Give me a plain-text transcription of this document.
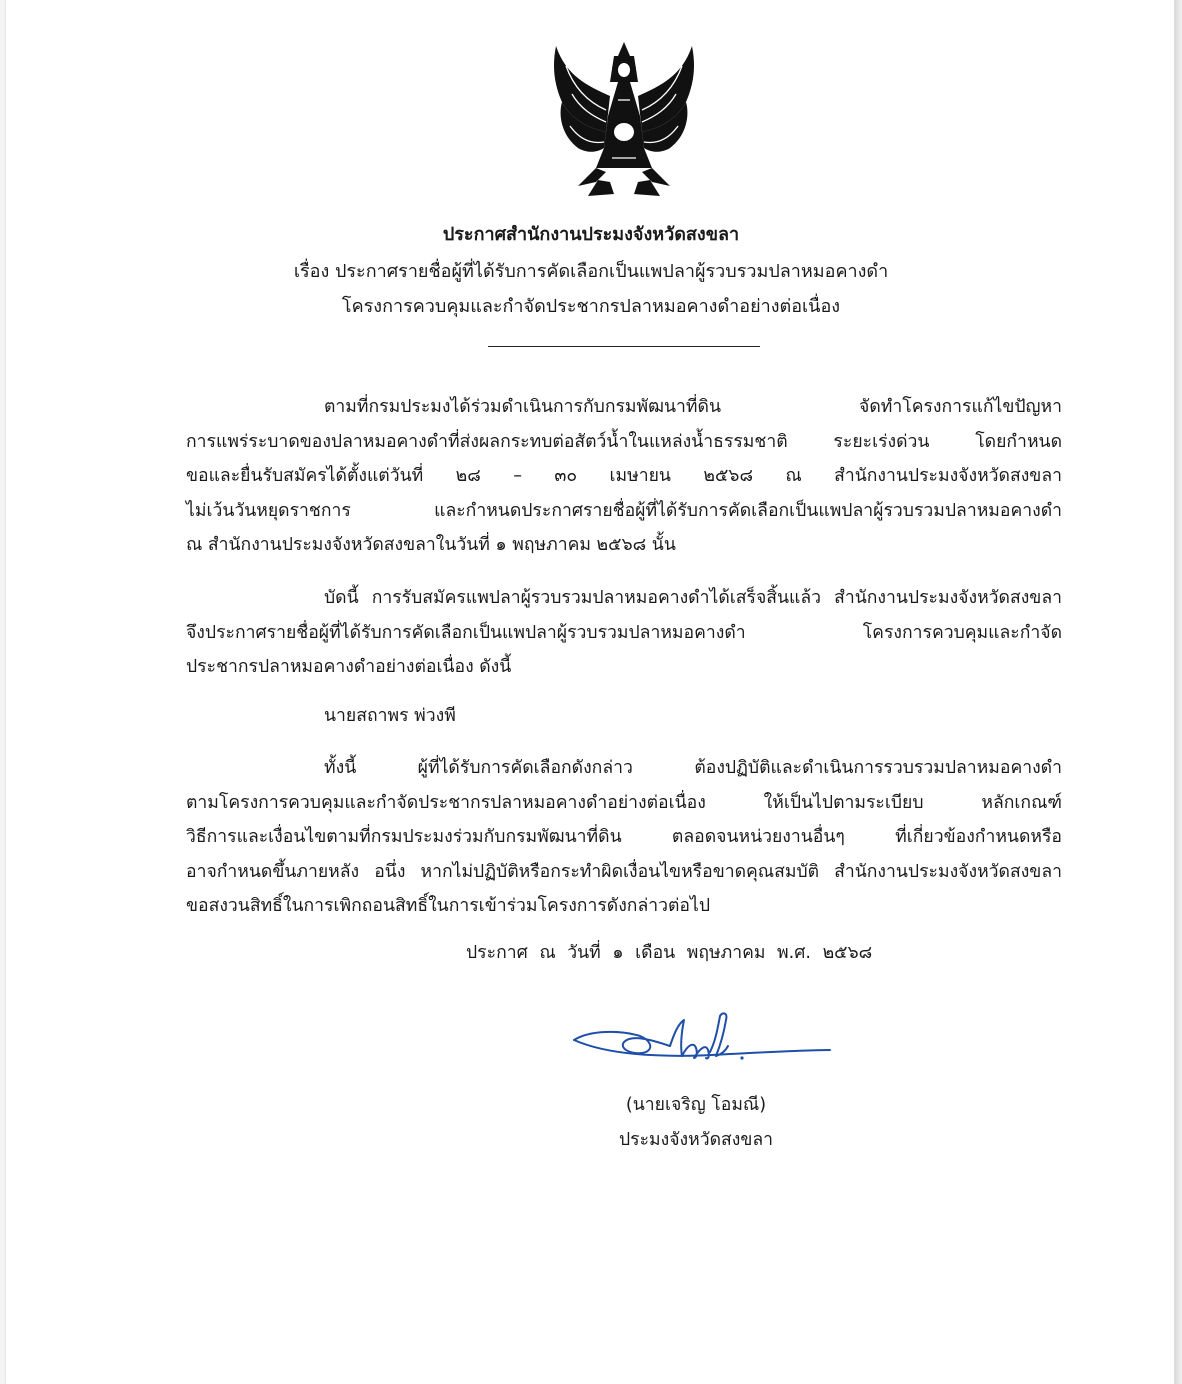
ประกาศสำนักงานประมงจังหวัดสงขลา
เรื่อง ประกาศรายชื่อผู้ที่ได้รับการคัดเลือกเป็นแพปลาผู้รวบรวมปลาหมอคางดำ
โครงการควบคุมและกำจัดประชากรปลาหมอคางดำอย่างต่อเนื่อง
ตามที่กรมประมงได้ร่วมดำเนินการกับกรมพัฒนาที่ดิน จัดทำโครงการแก้ไขปัญหา
การแพร่ระบาดของปลาหมอคางดำที่ส่งผลกระทบต่อสัตว์น้ำในแหล่งน้ำธรรมชาติ ระยะเร่งด่วน โดยกำหนด
ขอและยื่นรับสมัครได้ตั้งแต่วันที่ ๒๘ – ๓๐ เมษายน ๒๕๖๘ ณ สำนักงานประมงจังหวัดสงขลา
ไม่เว้นวันหยุดราชการ และกำหนดประกาศรายชื่อผู้ที่ได้รับการคัดเลือกเป็นแพปลาผู้รวบรวมปลาหมอคางดำ
ณ สำนักงานประมงจังหวัดสงขลาในวันที่ ๑ พฤษภาคม ๒๕๖๘ นั้น
บัดนี้ การรับสมัครแพปลาผู้รวบรวมปลาหมอคางดำได้เสร็จสิ้นแล้ว สำนักงานประมงจังหวัดสงขลา
จึงประกาศรายชื่อผู้ที่ได้รับการคัดเลือกเป็นแพปลาผู้รวบรวมปลาหมอคางดำ โครงการควบคุมและกำจัด
ประชากรปลาหมอคางดำอย่างต่อเนื่อง ดังนี้
นายสถาพร พ่วงพี
ทั้งนี้ ผู้ที่ได้รับการคัดเลือกดังกล่าว ต้องปฏิบัติและดำเนินการรวบรวมปลาหมอคางดำ
ตามโครงการควบคุมและกำจัดประชากรปลาหมอคางดำอย่างต่อเนื่อง ให้เป็นไปตามระเบียบ หลักเกณฑ์
วิธีการและเงื่อนไขตามที่กรมประมงร่วมกับกรมพัฒนาที่ดิน ตลอดจนหน่วยงานอื่นๆ ที่เกี่ยวข้องกำหนดหรือ
อาจกำหนดขึ้นภายหลัง อนึ่ง หากไม่ปฏิบัติหรือกระทำผิดเงื่อนไขหรือขาดคุณสมบัติ สำนักงานประมงจังหวัดสงขลา
ขอสงวนสิทธิ์ในการเพิกถอนสิทธิ์ในการเข้าร่วมโครงการดังกล่าวต่อไป
ประกาศ ณ วันที่ ๑ เดือน พฤษภาคม พ.ศ. ๒๕๖๘
(นายเจริญ โอมณี)
ประมงจังหวัดสงขลา
